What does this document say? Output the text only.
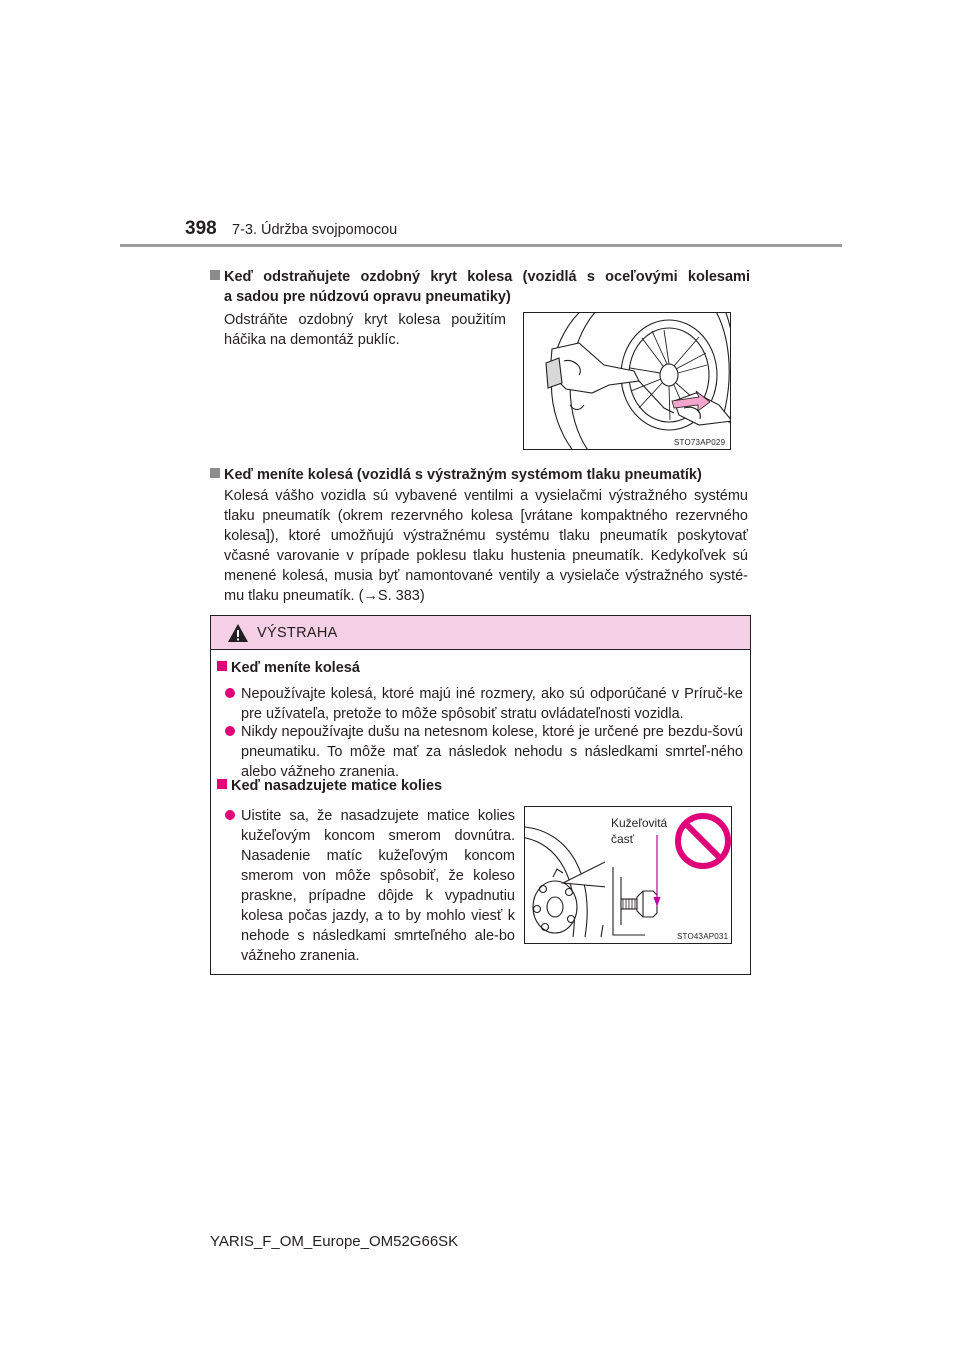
398 7-3. Údržba svojpomocou
Keď odstraňujete ozdobný kryt kolesa (vozidlá s oceľovými kolesami
a sadou pre núdzovú opravu pneumatiky)
Odstráňte ozdobný kryt kolesa použitím háčika na demontáž puklíc.
STO73AP029
Keď meníte kolesá (vozidlá s výstražným systémom tlaku pneumatík)
Kolesá vášho vozidla sú vybavené ventilmi a vysielačmi výstražného systému tlaku pneumatík (okrem rezervného kolesa [vrátane kompaktného rezervného kolesa]), ktoré umožňujú výstražnému systému tlaku pneumatík poskytovať včasné varovanie v prípade poklesu tlaku hustenia pneumatík. Kedykoľvek sú menené kolesá, musia byť namontované ventily a vysielače výstražného systé-mu tlaku pneumatík. (→S. 383)
VÝSTRAHA
Keď meníte kolesá
Nepoužívajte kolesá, ktoré majú iné rozmery, ako sú odporúčané v Príruč-ke pre užívateľa, pretože to môže spôsobiť stratu ovládateľnosti vozidla.
Nikdy nepoužívajte dušu na netesnom kolese, ktoré je určené pre bezdu-šovú pneumatiku. To môže mať za následok nehodu s následkami smrteľ-ného alebo vážneho zranenia.
Keď nasadzujete matice kolies
Uistite sa, že nasadzujete matice kolies kužeľovým koncom smerom dovnútra. Nasadenie matíc kužeľovým koncom smerom von môže spôsobiť, že koleso praskne, prípadne dôjde k vypadnutiu kolesa počas jazdy, a to by mohlo viesť k nehode s následkami smrteľného ale-bo vážneho zranenia.
Kužeľovitá časť
STO43AP031
YARIS_F_OM_Europe_OM52G66SK
